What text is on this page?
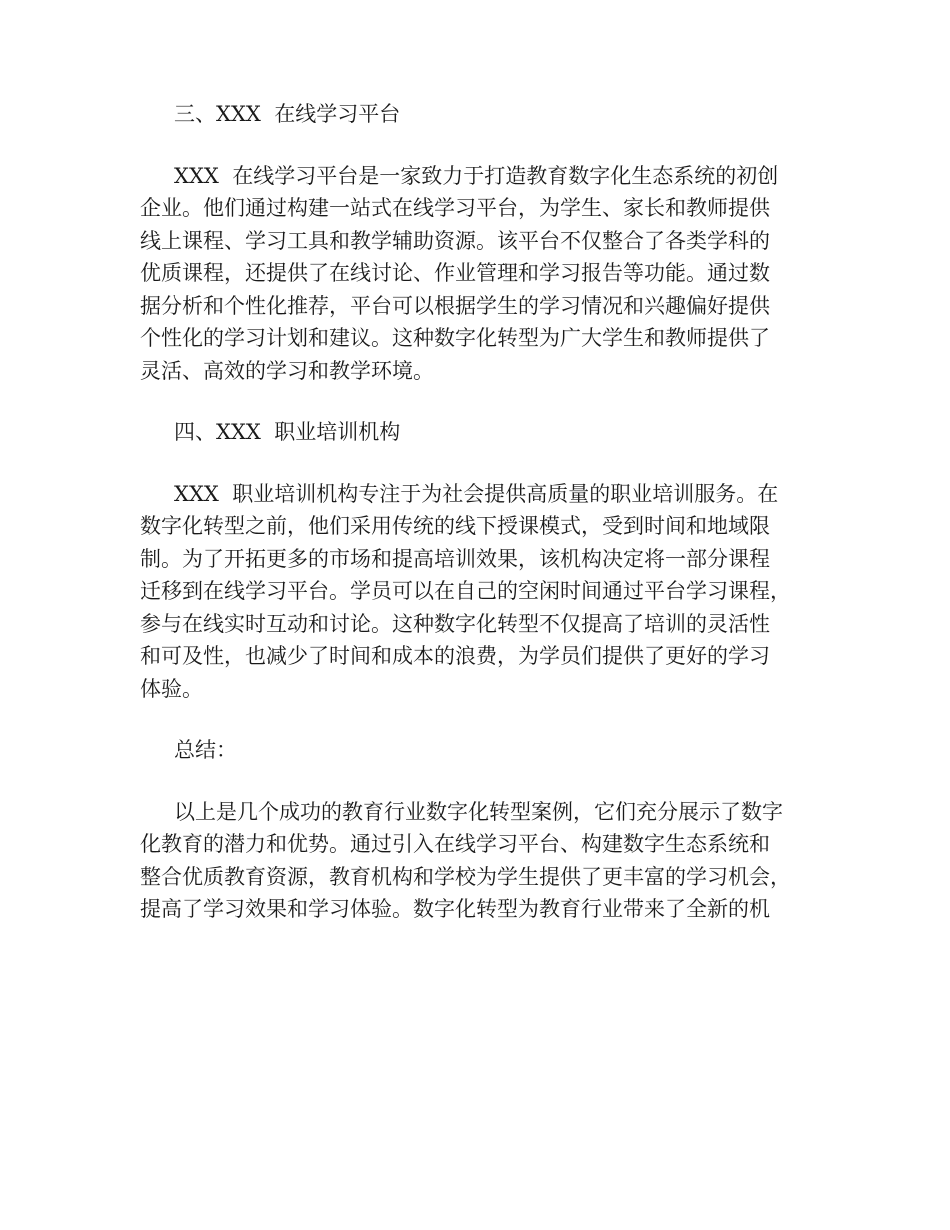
三、XXX  在线学习平台
XXX  在线学习平台是一家致力于打造教育数字化生态系统的初创
企业。他们通过构建一站式在线学习平台，为学生、家长和教师提供
线上课程、学习工具和教学辅助资源。该平台不仅整合了各类学科的
优质课程，还提供了在线讨论、作业管理和学习报告等功能。通过数
据分析和个性化推荐，平台可以根据学生的学习情况和兴趣偏好提供
个性化的学习计划和建议。这种数字化转型为广大学生和教师提供了
灵活、高效的学习和教学环境。
四、XXX  职业培训机构
XXX  职业培训机构专注于为社会提供高质量的职业培训服务。在
数字化转型之前，他们采用传统的线下授课模式，受到时间和地域限
制。为了开拓更多的市场和提高培训效果，该机构决定将一部分课程
迁移到在线学习平台。学员可以在自己的空闲时间通过平台学习课程，
参与在线实时互动和讨论。这种数字化转型不仅提高了培训的灵活性
和可及性，也减少了时间和成本的浪费，为学员们提供了更好的学习
体验。
总结：
以上是几个成功的教育行业数字化转型案例，它们充分展示了数字
化教育的潜力和优势。通过引入在线学习平台、构建数字生态系统和
整合优质教育资源，教育机构和学校为学生提供了更丰富的学习机会，
提高了学习效果和学习体验。数字化转型为教育行业带来了全新的机
